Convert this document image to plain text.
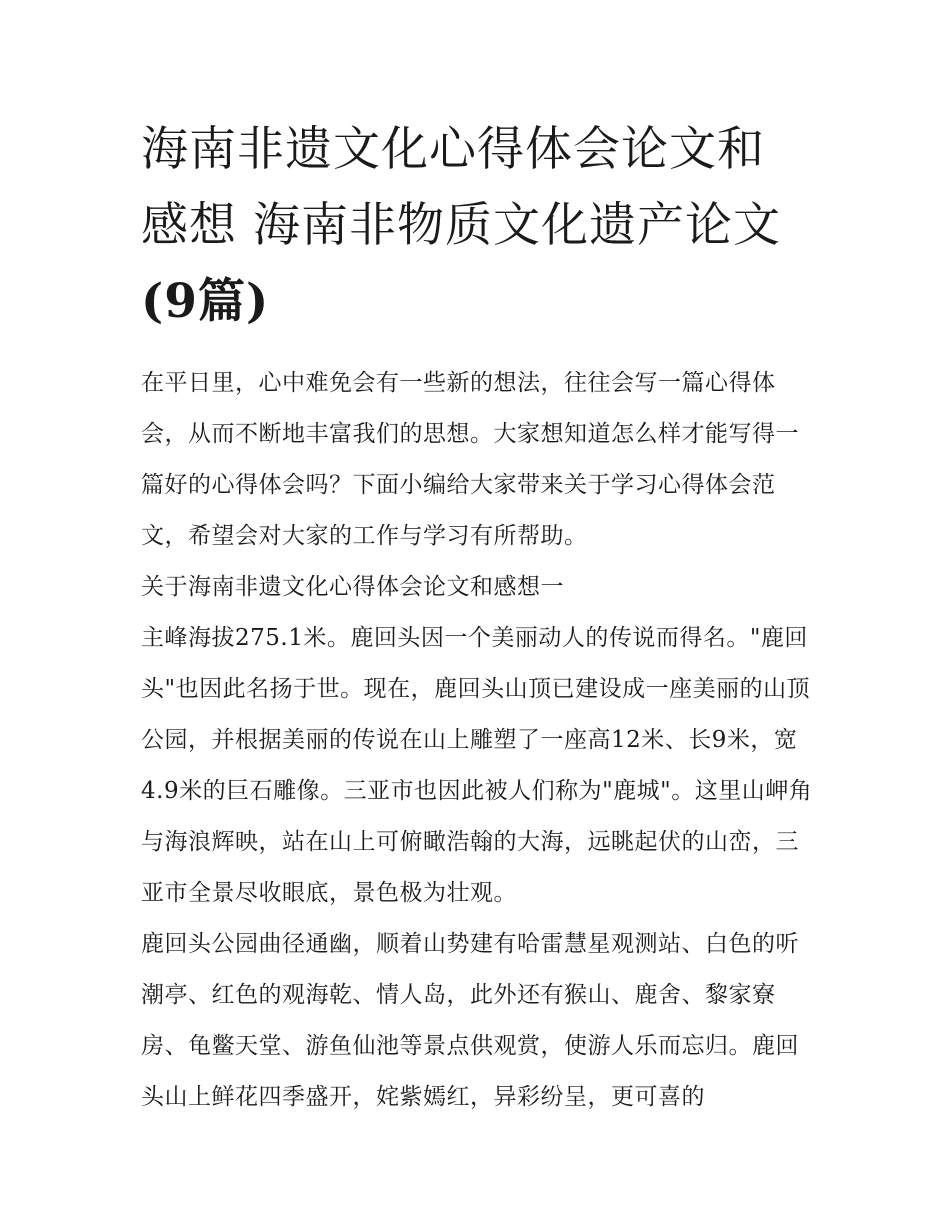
海南非遗文化心得体会论文和
感想 海南非物质文化遗产论文
(9篇)

在平日里，心中难免会有一些新的想法，往往会写一篇心得体会，从而不断地丰富我们的思想。大家想知道怎么样才能写得一篇好的心得体会吗？下面小编给大家带来关于学习心得体会范文，希望会对大家的工作与学习有所帮助。

关于海南非遗文化心得体会论文和感想一

主峰海拔275.1米。鹿回头因一个美丽动人的传说而得名。"鹿回头"也因此名扬于世。现在，鹿回头山顶已建设成一座美丽的山顶公园，并根据美丽的传说在山上雕塑了一座高12米、长9米，宽4.9米的巨石雕像。三亚市也因此被人们称为"鹿城"。这里山岬角与海浪辉映，站在山上可俯瞰浩翰的大海，远眺起伏的山峦，三亚市全景尽收眼底，景色极为壮观。

鹿回头公园曲径通幽，顺着山势建有哈雷慧星观测站、白色的听潮亭、红色的观海乾、情人岛，此外还有猴山、鹿舍、黎家寮房、龟鳖天堂、游鱼仙池等景点供观赏，使游人乐而忘归。鹿回头山上鲜花四季盛开，姹紫嫣红，异彩纷呈，更可喜的
